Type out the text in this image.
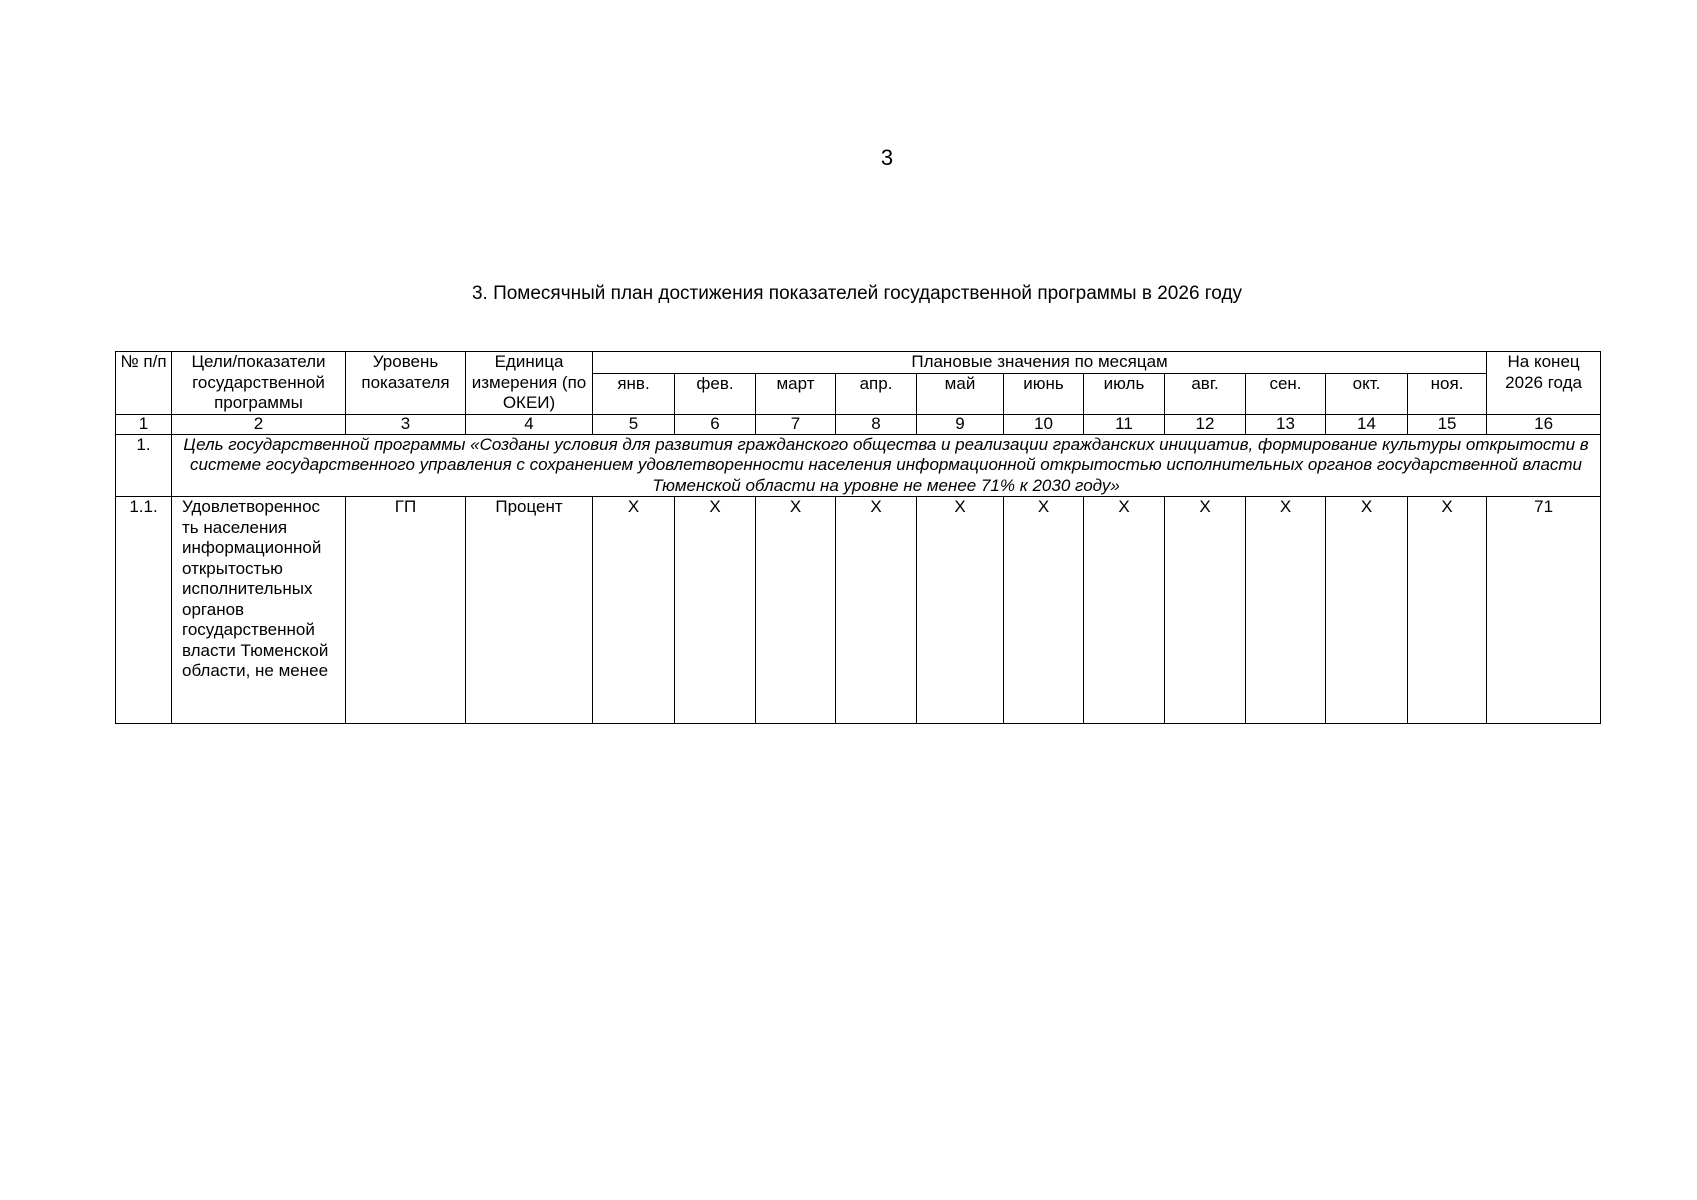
3
3. Помесячный план достижения показателей государственной программы в 2026 году
№ п/п	Цели/показатели государственной программы	Уровень показателя	Единица измерения (по ОКЕИ)	Плановые значения по месяцам											На конец 2026 года
				янв.	фев.	март	апр.	май	июнь	июль	авг.	сен.	окт.	ноя.	
1	2	3	4	5	6	7	8	9	10	11	12	13	14	15	16
1.	Цель государственной программы «Созданы условия для развития гражданского общества и реализации гражданских инициатив, формирование культуры открытости в системе государственного управления с сохранением удовлетворенности населения информационной открытостью исполнительных органов государственной власти Тюменской области на уровне не менее 71% к 2030 году»														
1.1.	Удовлетвореннос ть населения информационной открытостью исполнительных органов государственной власти Тюменской области, не менее	ГП	Процент	Х	Х	Х	Х	Х	Х	Х	Х	Х	Х	Х	71
